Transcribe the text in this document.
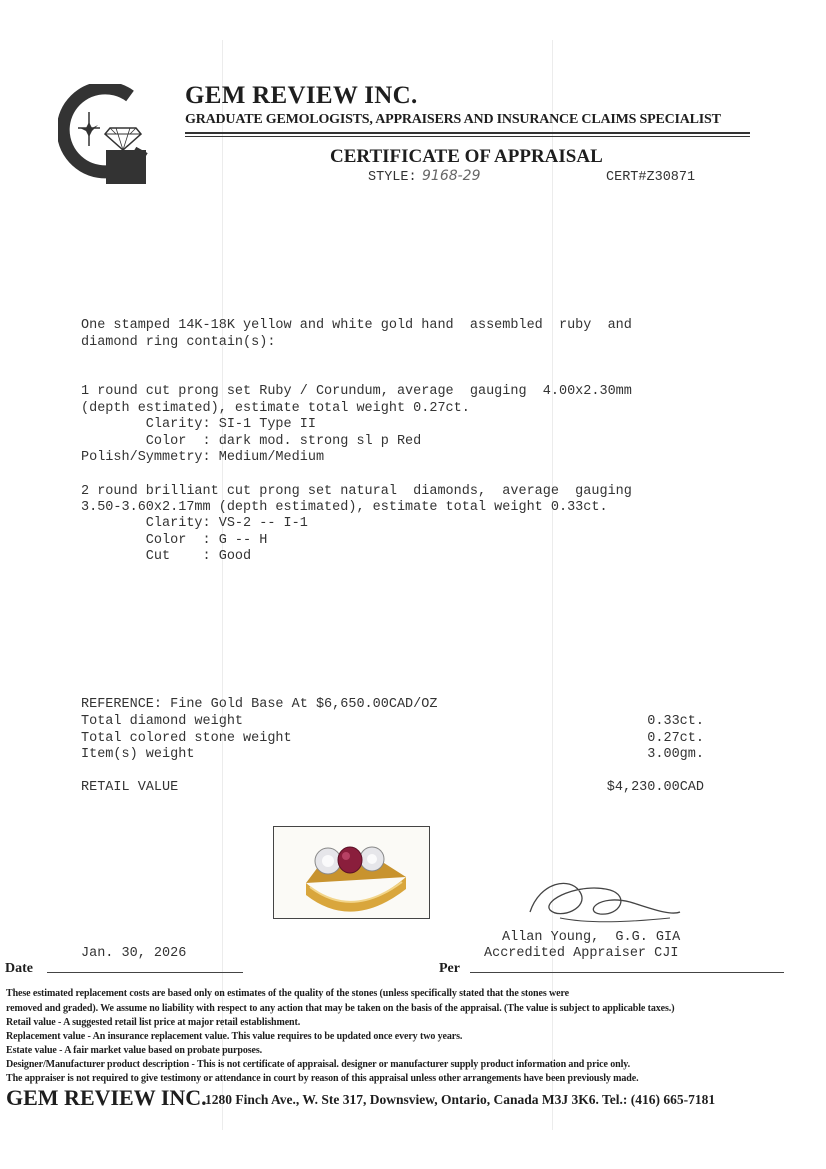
GEM REVIEW INC.
GRADUATE GEMOLOGISTS, APPRAISERS AND INSURANCE CLAIMS SPECIALIST
CERTIFICATE OF APPRAISAL
STYLE: 9168-29	CERT#Z30871
One stamped 14K-18K yellow and white gold hand  assembled  ruby  and
diamond ring contain(s):
1 round cut prong set Ruby / Corundum, average  gauging  4.00x2.30mm
(depth estimated), estimate total weight 0.27ct.
Clarity: SI-1 Type II
Color  : dark mod. strong sl p Red
Polish/Symmetry: Medium/Medium
2 round brilliant cut prong set natural  diamonds,  average  gauging
3.50-3.60x2.17mm (depth estimated), estimate total weight 0.33ct.
Clarity: VS-2 -- I-1
Color  : G -- H
Cut    : Good
REFERENCE: Fine Gold Base At $6,650.00CAD/OZ
Total diamond weight	0.33ct.
Total colored stone weight	0.27ct.
Item(s) weight	3.00gm.
RETAIL VALUE	$4,230.00CAD
Allan Young,  G.G. GIA
Accredited Appraiser CJI
Jan. 30, 2026
Date	Per
These estimated replacement costs are based only on estimates of the quality of the stones (unless specifically stated that the stones were
removed and graded). We assume no liability with respect to any action that may be taken on the basis of the appraisal. (The value is subject to applicable taxes.)
Retail value - A suggested retail list price at major retail establishment.
Replacement value - An insurance replacement value. This value requires to be updated once every two years.
Estate value - A fair market value based on probate purposes.
Designer/Manufacturer product description - This is not certificate of appraisal. designer or manufacturer supply product information and price only.
The appraiser is not required to give testimony or attendance in court by reason of this appraisal unless other arrangements have been previously made.
GEM REVIEW INC.
1280 Finch Ave., W. Ste 317, Downsview, Ontario, Canada M3J 3K6. Tel.: (416) 665-7181
